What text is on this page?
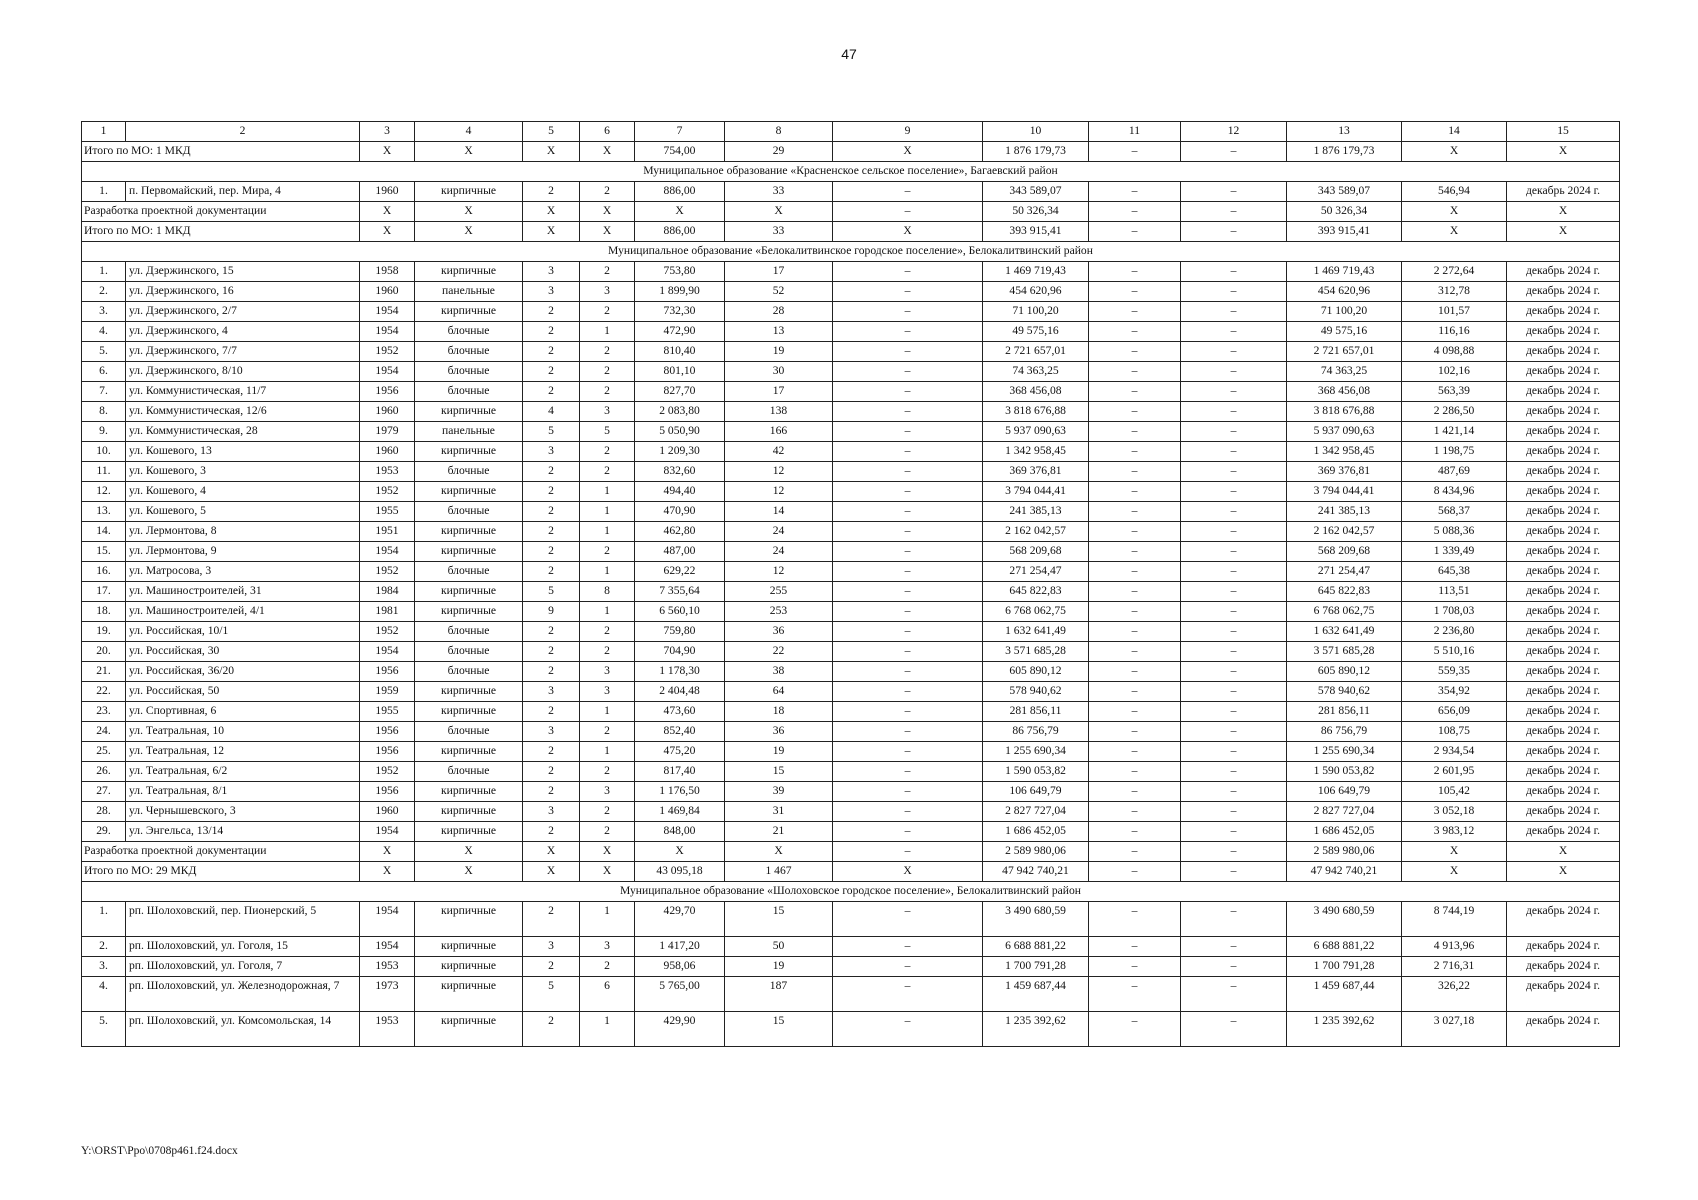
47
1	2	3	4	5	6	7	8	9	10	11	12	13	14	15
Итого по МО: 1 МКД		X	X	X	X	754,00	29	X	1 876 179,73	–	–	1 876 179,73	X	X
Муниципальное образование «Красненское сельское поселение», Багаевский район														
1.	п. Первомайский, пер. Мира, 4	1960	кирпичные	2	2	886,00	33	–	343 589,07	–	–	343 589,07	546,94	декабрь 2024 г.
Разработка проектной документации		X	X	X	X	X	X	–	50 326,34	–	–	50 326,34	X	X
Итого по МО: 1 МКД		X	X	X	X	886,00	33	X	393 915,41	–	–	393 915,41	X	X
Муниципальное образование «Белокалитвинское городское поселение», Белокалитвинский район														
1.	ул. Дзержинского, 15	1958	кирпичные	3	2	753,80	17	–	1 469 719,43	–	–	1 469 719,43	2 272,64	декабрь 2024 г.
2.	ул. Дзержинского, 16	1960	панельные	3	3	1 899,90	52	–	454 620,96	–	–	454 620,96	312,78	декабрь 2024 г.
3.	ул. Дзержинского, 2/7	1954	кирпичные	2	2	732,30	28	–	71 100,20	–	–	71 100,20	101,57	декабрь 2024 г.
4.	ул. Дзержинского, 4	1954	блочные	2	1	472,90	13	–	49 575,16	–	–	49 575,16	116,16	декабрь 2024 г.
5.	ул. Дзержинского, 7/7	1952	блочные	2	2	810,40	19	–	2 721 657,01	–	–	2 721 657,01	4 098,88	декабрь 2024 г.
6.	ул. Дзержинского, 8/10	1954	блочные	2	2	801,10	30	–	74 363,25	–	–	74 363,25	102,16	декабрь 2024 г.
7.	ул. Коммунистическая, 11/7	1956	блочные	2	2	827,70	17	–	368 456,08	–	–	368 456,08	563,39	декабрь 2024 г.
8.	ул. Коммунистическая, 12/6	1960	кирпичные	4	3	2 083,80	138	–	3 818 676,88	–	–	3 818 676,88	2 286,50	декабрь 2024 г.
9.	ул. Коммунистическая, 28	1979	панельные	5	5	5 050,90	166	–	5 937 090,63	–	–	5 937 090,63	1 421,14	декабрь 2024 г.
10.	ул. Кошевого, 13	1960	кирпичные	3	2	1 209,30	42	–	1 342 958,45	–	–	1 342 958,45	1 198,75	декабрь 2024 г.
11.	ул. Кошевого, 3	1953	блочные	2	2	832,60	12	–	369 376,81	–	–	369 376,81	487,69	декабрь 2024 г.
12.	ул. Кошевого, 4	1952	кирпичные	2	1	494,40	12	–	3 794 044,41	–	–	3 794 044,41	8 434,96	декабрь 2024 г.
13.	ул. Кошевого, 5	1955	блочные	2	1	470,90	14	–	241 385,13	–	–	241 385,13	568,37	декабрь 2024 г.
14.	ул. Лермонтова, 8	1951	кирпичные	2	1	462,80	24	–	2 162 042,57	–	–	2 162 042,57	5 088,36	декабрь 2024 г.
15.	ул. Лермонтова, 9	1954	кирпичные	2	2	487,00	24	–	568 209,68	–	–	568 209,68	1 339,49	декабрь 2024 г.
16.	ул. Матросова, 3	1952	блочные	2	1	629,22	12	–	271 254,47	–	–	271 254,47	645,38	декабрь 2024 г.
17.	ул. Машиностроителей, 31	1984	кирпичные	5	8	7 355,64	255	–	645 822,83	–	–	645 822,83	113,51	декабрь 2024 г.
18.	ул. Машиностроителей, 4/1	1981	кирпичные	9	1	6 560,10	253	–	6 768 062,75	–	–	6 768 062,75	1 708,03	декабрь 2024 г.
19.	ул. Российская, 10/1	1952	блочные	2	2	759,80	36	–	1 632 641,49	–	–	1 632 641,49	2 236,80	декабрь 2024 г.
20.	ул. Российская, 30	1954	блочные	2	2	704,90	22	–	3 571 685,28	–	–	3 571 685,28	5 510,16	декабрь 2024 г.
21.	ул. Российская, 36/20	1956	блочные	2	3	1 178,30	38	–	605 890,12	–	–	605 890,12	559,35	декабрь 2024 г.
22.	ул. Российская, 50	1959	кирпичные	3	3	2 404,48	64	–	578 940,62	–	–	578 940,62	354,92	декабрь 2024 г.
23.	ул. Спортивная, 6	1955	кирпичные	2	1	473,60	18	–	281 856,11	–	–	281 856,11	656,09	декабрь 2024 г.
24.	ул. Театральная, 10	1956	блочные	3	2	852,40	36	–	86 756,79	–	–	86 756,79	108,75	декабрь 2024 г.
25.	ул. Театральная, 12	1956	кирпичные	2	1	475,20	19	–	1 255 690,34	–	–	1 255 690,34	2 934,54	декабрь 2024 г.
26.	ул. Театральная, 6/2	1952	блочные	2	2	817,40	15	–	1 590 053,82	–	–	1 590 053,82	2 601,95	декабрь 2024 г.
27.	ул. Театральная, 8/1	1956	кирпичные	2	3	1 176,50	39	–	106 649,79	–	–	106 649,79	105,42	декабрь 2024 г.
28.	ул. Чернышевского, 3	1960	кирпичные	3	2	1 469,84	31	–	2 827 727,04	–	–	2 827 727,04	3 052,18	декабрь 2024 г.
29.	ул. Энгельса, 13/14	1954	кирпичные	2	2	848,00	21	–	1 686 452,05	–	–	1 686 452,05	3 983,12	декабрь 2024 г.
Разработка проектной документации		X	X	X	X	X	X	–	2 589 980,06	–	–	2 589 980,06	X	X
Итого по МО: 29 МКД		X	X	X	X	43 095,18	1 467	X	47 942 740,21	–	–	47 942 740,21	X	X
Муниципальное образование «Шолоховское городское поселение», Белокалитвинский район														
1.	рп. Шолоховский, пер. Пионерский, 5	1954	кирпичные	2	1	429,70	15	–	3 490 680,59	–	–	3 490 680,59	8 744,19	декабрь 2024 г.
2.	рп. Шолоховский, ул. Гоголя, 15	1954	кирпичные	3	3	1 417,20	50	–	6 688 881,22	–	–	6 688 881,22	4 913,96	декабрь 2024 г.
3.	рп. Шолоховский, ул. Гоголя, 7	1953	кирпичные	2	2	958,06	19	–	1 700 791,28	–	–	1 700 791,28	2 716,31	декабрь 2024 г.
4.	рп. Шолоховский, ул. Железнодорожная, 7	1973	кирпичные	5	6	5 765,00	187	–	1 459 687,44	–	–	1 459 687,44	326,22	декабрь 2024 г.
5.	рп. Шолоховский, ул. Комсомольская, 14	1953	кирпичные	2	1	429,90	15	–	1 235 392,62	–	–	1 235 392,62	3 027,18	декабрь 2024 г.
Y:\ORST\Ppo\0708p461.f24.docx
